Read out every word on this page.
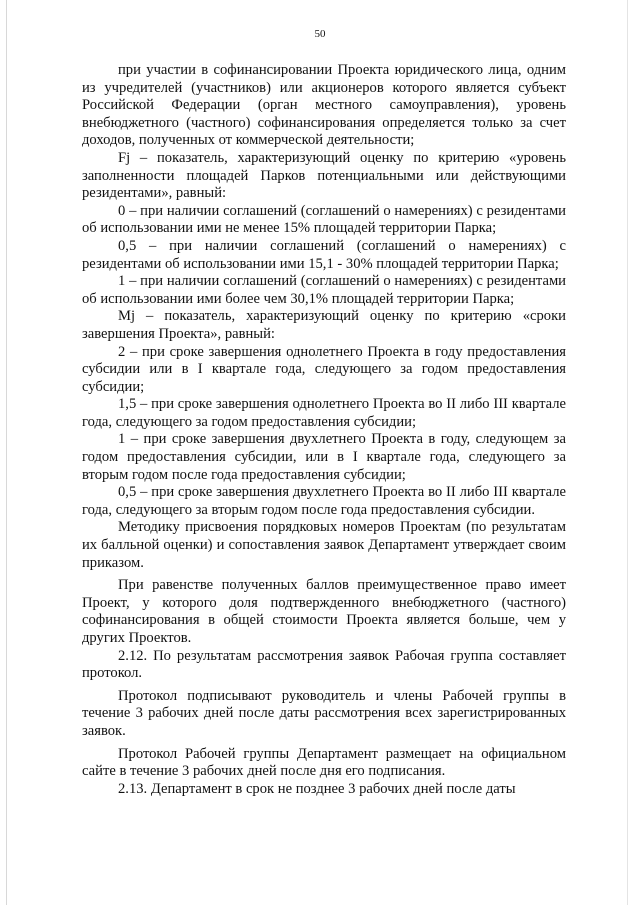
50

при участии в софинансировании Проекта юридического лица, одним из учредителей (участников) или акционеров которого является субъект Российской Федерации (орган местного самоуправления), уровень внебюджетного (частного) софинансирования определяется только за счет доходов, полученных от коммерческой деятельности;

Fj – показатель, характеризующий оценку по критерию «уровень заполненности площадей Парков потенциальными или действующими резидентами», равный:

0 – при наличии соглашений (соглашений о намерениях) с резидентами об использовании ими не менее 15% площадей территории Парка;

0,5 – при наличии соглашений (соглашений о намерениях) с резидентами об использовании ими 15,1 - 30% площадей территории Парка;

1 – при наличии соглашений (соглашений о намерениях) с резидентами об использовании ими более чем 30,1% площадей территории Парка;

Mj – показатель, характеризующий оценку по критерию «сроки завершения Проекта», равный:

2 – при сроке завершения однолетнего Проекта в году предоставления субсидии или в I квартале года, следующего за годом предоставления субсидии;

1,5 – при сроке завершения однолетнего Проекта во II либо III квартале года, следующего за годом предоставления субсидии;

1 – при сроке завершения двухлетнего Проекта в году, следующем за годом предоставления субсидии, или в I квартале года, следующего за вторым годом после года предоставления субсидии;

0,5 – при сроке завершения двухлетнего Проекта во II либо III квартале года, следующего за вторым годом после года предоставления субсидии.

Методику присвоения порядковых номеров Проектам (по результатам их балльной оценки) и сопоставления заявок Департамент утверждает своим приказом.

При равенстве полученных баллов преимущественное право имеет Проект, у которого доля подтвержденного внебюджетного (частного) софинансирования в общей стоимости Проекта является больше, чем у других Проектов.

2.12. По результатам рассмотрения заявок Рабочая группа составляет протокол.

Протокол подписывают руководитель и члены Рабочей группы в течение 3 рабочих дней после даты рассмотрения всех зарегистрированных заявок.

Протокол Рабочей группы Департамент размещает на официальном сайте в течение 3 рабочих дней после дня его подписания.

2.13. Департамент в срок не позднее 3 рабочих дней после даты
